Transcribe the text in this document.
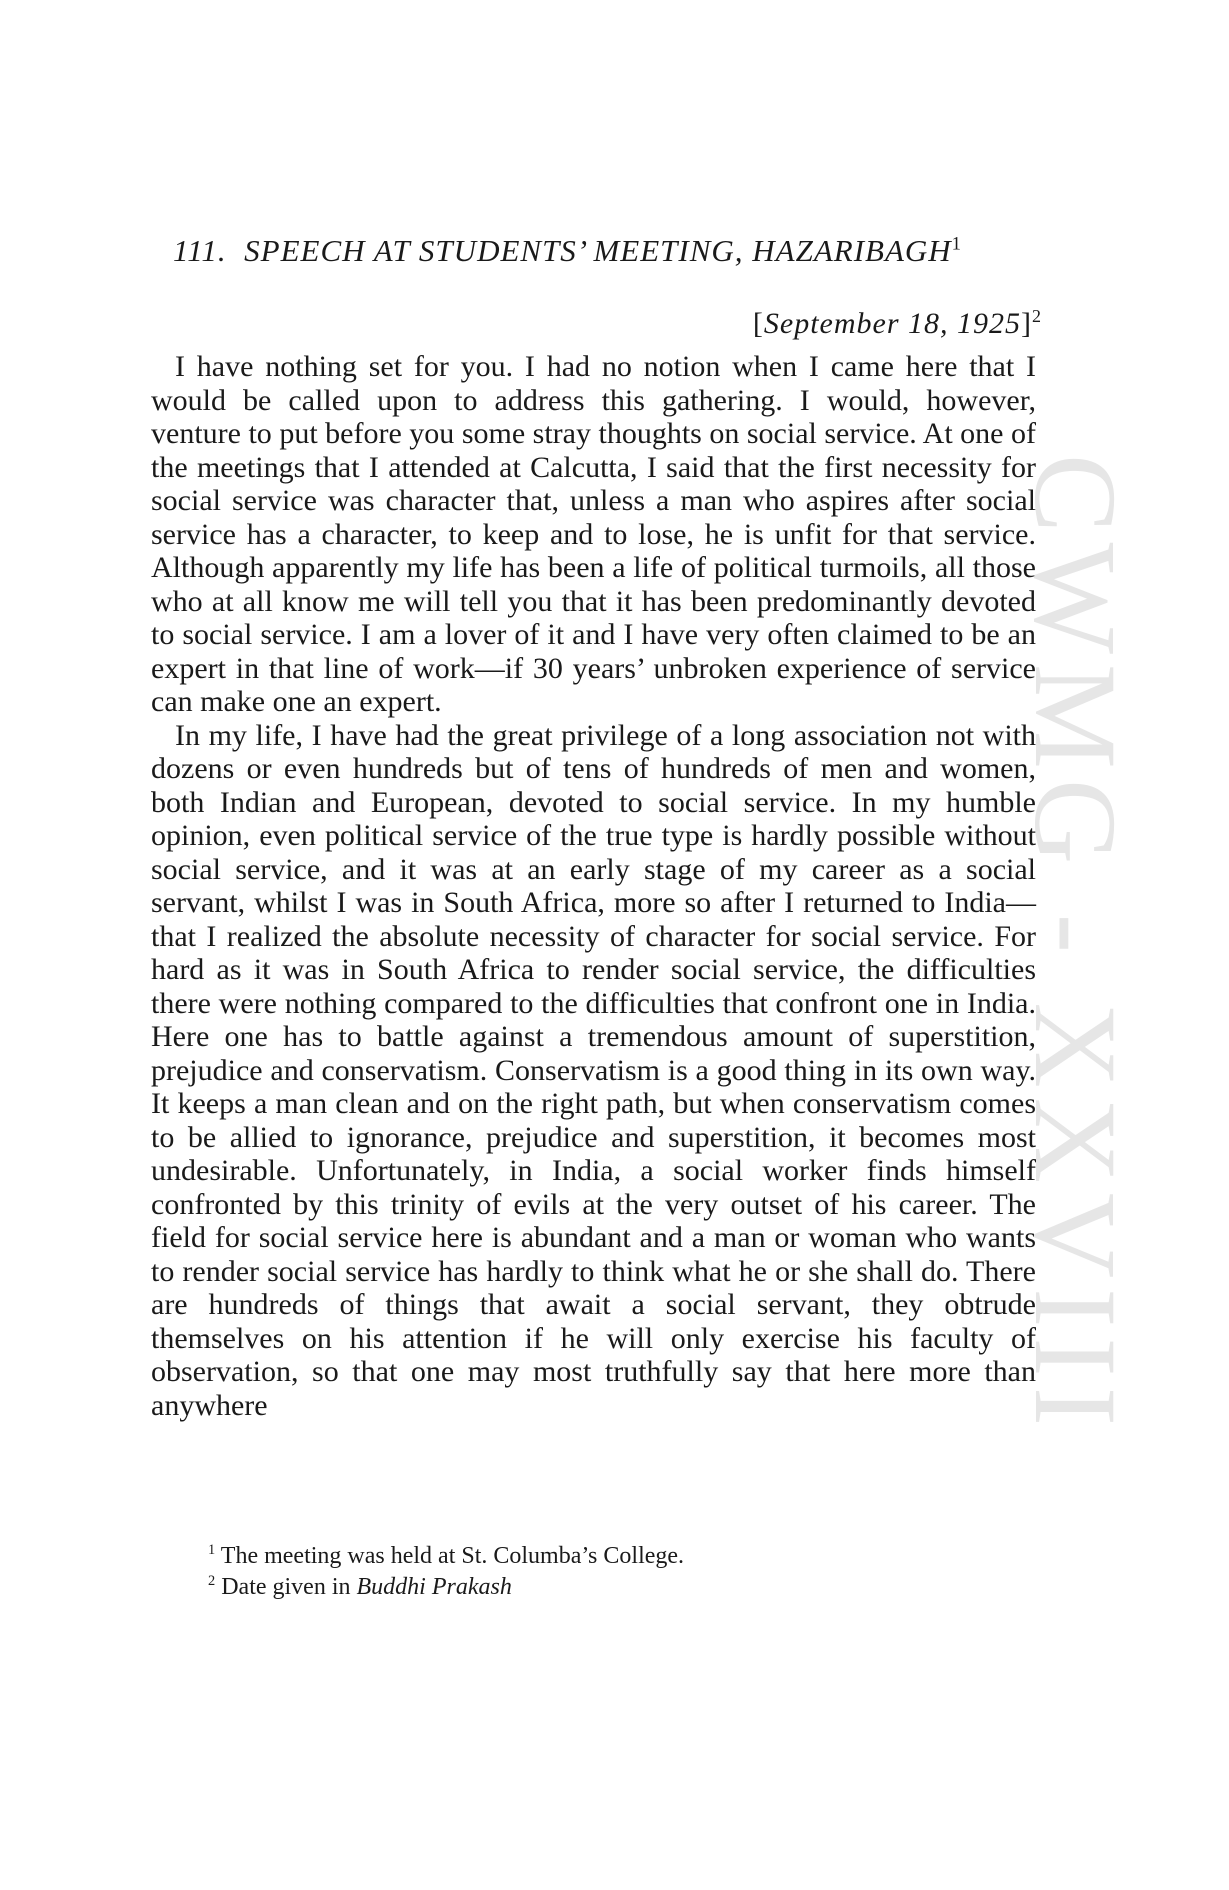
CWMG - XXVIII
111. SPEECH AT STUDENTS’ MEETING, HAZARIBAGH$^1$
[September 18, 1925]$^2$

I have nothing set for you. I had no notion when I came here that I would be called upon to address this gathering. I would, however, venture to put before you some stray thoughts on social service. At one of the meetings that I attended at Calcutta, I said that the first necessity for social service was character that, unless a man who aspires after social service has a character, to keep and to lose, he is unfit for that service. Although apparently my life has been a life of political turmoils, all those who at all know me will tell you that it has been predominantly devoted to social service. I am a lover of it and I have very often claimed to be an expert in that line of work—if 30 years’ unbroken experience of service can make one an expert.

In my life, I have had the great privilege of a long association not with dozens or even hundreds but of tens of hundreds of men and women, both Indian and European, devoted to social service. In my humble opinion, even political service of the true type is hardly possible without social service, and it was at an early stage of my career as a social servant, whilst I was in South Africa, more so after I returned to India—that I realized the absolute necessity of character for social service. For hard as it was in South Africa to render social service, the difficulties there were nothing compared to the difficulties that confront one in India. Here one has to battle against a tremendous amount of superstition, prejudice and conservatism. Conservatism is a good thing in its own way. It keeps a man clean and on the right path, but when conservatism comes to be allied to ignorance, prejudice and superstition, it becomes most undesirable. Unfortunately, in India, a social worker finds himself confronted by this trinity of evils at the very outset of his career. The field for social service here is abundant and a man or woman who wants to render social service has hardly to think what he or she shall do. There are hundreds of things that await a social servant, they obtrude themselves on his attention if he will only exercise his faculty of observation, so that one may most truthfully say that here more than anywhere

$^1$ The meeting was held at St. Columba’s College.

$^2$ Date given in Buddhi Prakash
